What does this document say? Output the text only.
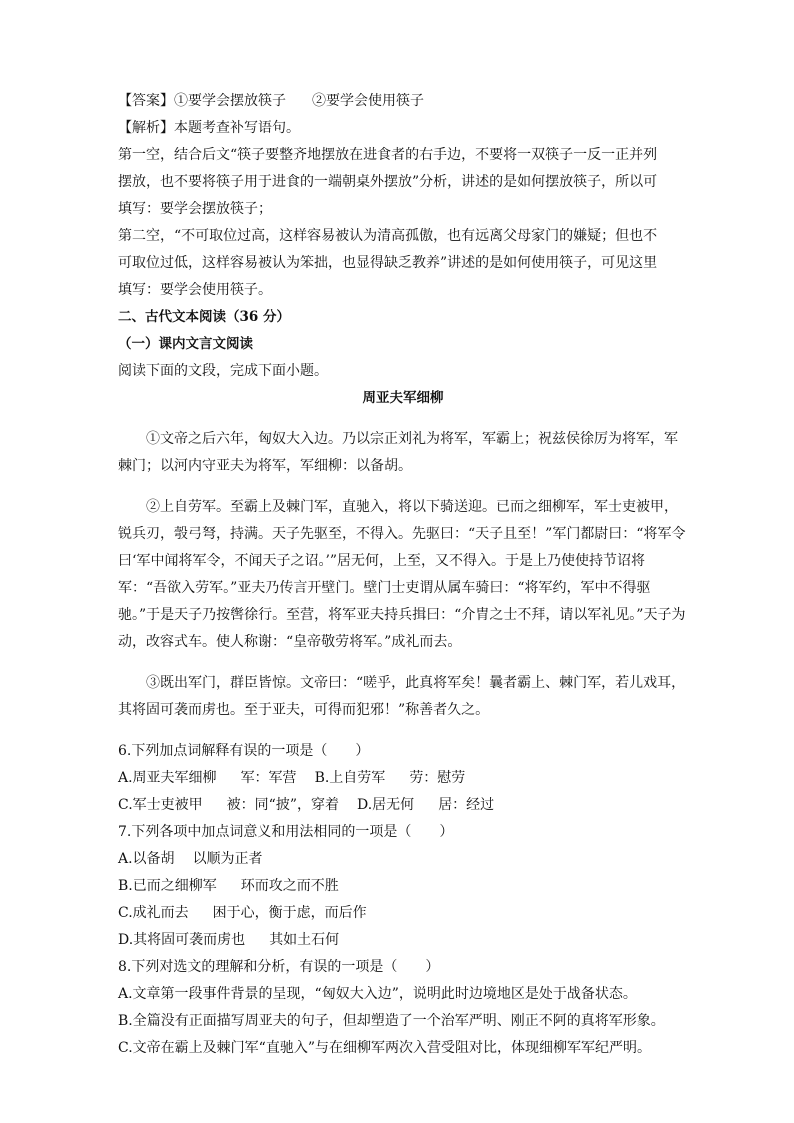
【答案】①要学会摆放筷子 ②要学会使用筷子

【解析】本题考查补写语句。

第一空，结合后文“筷子要整齐地摆放在进食者的右手边，不要将一双筷子一反一正并列

摆放，也不要将筷子用于进食的一端朝桌外摆放”分析，讲述的是如何摆放筷子，所以可

填写：要学会摆放筷子；

第二空，“不可取位过高，这样容易被认为清高孤傲，也有远离父母家门的嫌疑；但也不

可取位过低，这样容易被认为笨拙，也显得缺乏教养”讲述的是如何使用筷子，可见这里

填写：要学会使用筷子。

二、古代文本阅读（36 分）

（一）课内文言文阅读

阅读下面的文段，完成下面小题。

周亚夫军细柳

①文帝之后六年，匈奴大入边。乃以宗正刘礼为将军，军霸上；祝兹侯徐厉为将军，军棘门；以河内守亚夫为将军，军细柳：以备胡。

②上自劳军。至霸上及棘门军，直驰入，将以下骑送迎。已而之细柳军，军士吏被甲，锐兵刃，彀弓弩，持满。天子先驱至，不得入。先驱曰：“天子且至！”军门都尉曰：“将军令曰‘军中闻将军令，不闻天子之诏。’”居无何，上至，又不得入。于是上乃使使持节诏将军：“吾欲入劳军。”亚夫乃传言开壁门。壁门士吏谓从属车骑曰：“将军约，军中不得驱驰。”于是天子乃按辔徐行。至营，将军亚夫持兵揖曰：“介胄之士不拜，请以军礼见。”天子为动，改容式车。使人称谢：“皇帝敬劳将军。”成礼而去。

③既出军门，群臣皆惊。文帝曰：“嗟乎，此真将军矣！曩者霸上、棘门军，若儿戏耳，其将固可袭而虏也。至于亚夫，可得而犯邪！”称善者久之。

6.下列加点词解释有误的一项是（　　）

A.周亚夫军细柳 军：军营 B.上自劳军 劳：慰劳

C.军士吏被甲 被：同“披”，穿着 D.居无何 居：经过

7.下列各项中加点词意义和用法相同的一项是（　　）

A.以备胡 以顺为正者

B.已而之细柳军 环而攻之而不胜

C.成礼而去 困于心，衡于虑，而后作

D.其将固可袭而虏也 其如土石何

8.下列对选文的理解和分析，有误的一项是（　　）

A.文章第一段事件背景的呈现，“匈奴大入边”，说明此时边境地区是处于战备状态。

B.全篇没有正面描写周亚夫的句子，但却塑造了一个治军严明、刚正不阿的真将军形象。

C.文帝在霸上及棘门军“直驰入”与在细柳军两次入营受阻对比，体现细柳军军纪严明。
